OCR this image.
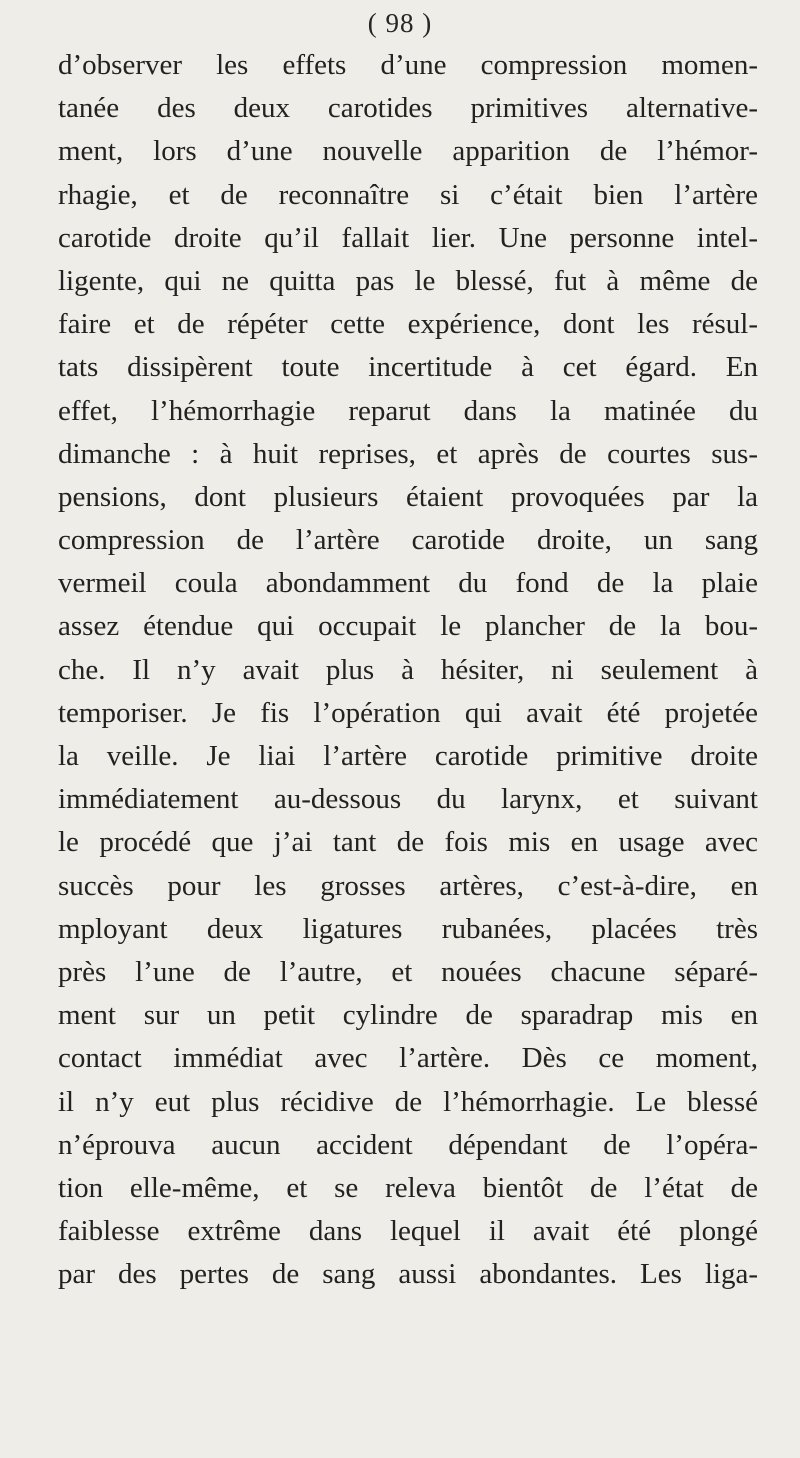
( 98 )
d’observer les effets d’une compression momen-
tanée des deux carotides primitives alternative-
ment, lors d’une nouvelle apparition de l’hémor-
rhagie, et de reconnaître si c’était bien l’artère
carotide droite qu’il fallait lier. Une personne intel-
ligente, qui ne quitta pas le blessé, fut à même de
faire et de répéter cette expérience, dont les résul-
tats dissipèrent toute incertitude à cet égard. En
effet, l’hémorrhagie reparut dans la matinée du
dimanche : à huit reprises, et après de courtes sus-
pensions, dont plusieurs étaient provoquées par la
compression de l’artère carotide droite, un sang
vermeil coula abondamment du fond de la plaie
assez étendue qui occupait le plancher de la bou-
che. Il n’y avait plus à hésiter, ni seulement à
temporiser. Je fis l’opération qui avait été projetée
la veille. Je liai l’artère carotide primitive droite
immédiatement au-dessous du larynx, et suivant
le procédé que j’ai tant de fois mis en usage avec
succès pour les grosses artères, c’est-à-dire, en
mployant deux ligatures rubanées, placées très
près l’une de l’autre, et nouées chacune séparé-
ment sur un petit cylindre de sparadrap mis en
contact immédiat avec l’artère. Dès ce moment,
il n’y eut plus récidive de l’hémorrhagie. Le blessé
n’éprouva aucun accident dépendant de l’opéra-
tion elle-même, et se releva bientôt de l’état de
faiblesse extrême dans lequel il avait été plongé
par des pertes de sang aussi abondantes. Les liga-
